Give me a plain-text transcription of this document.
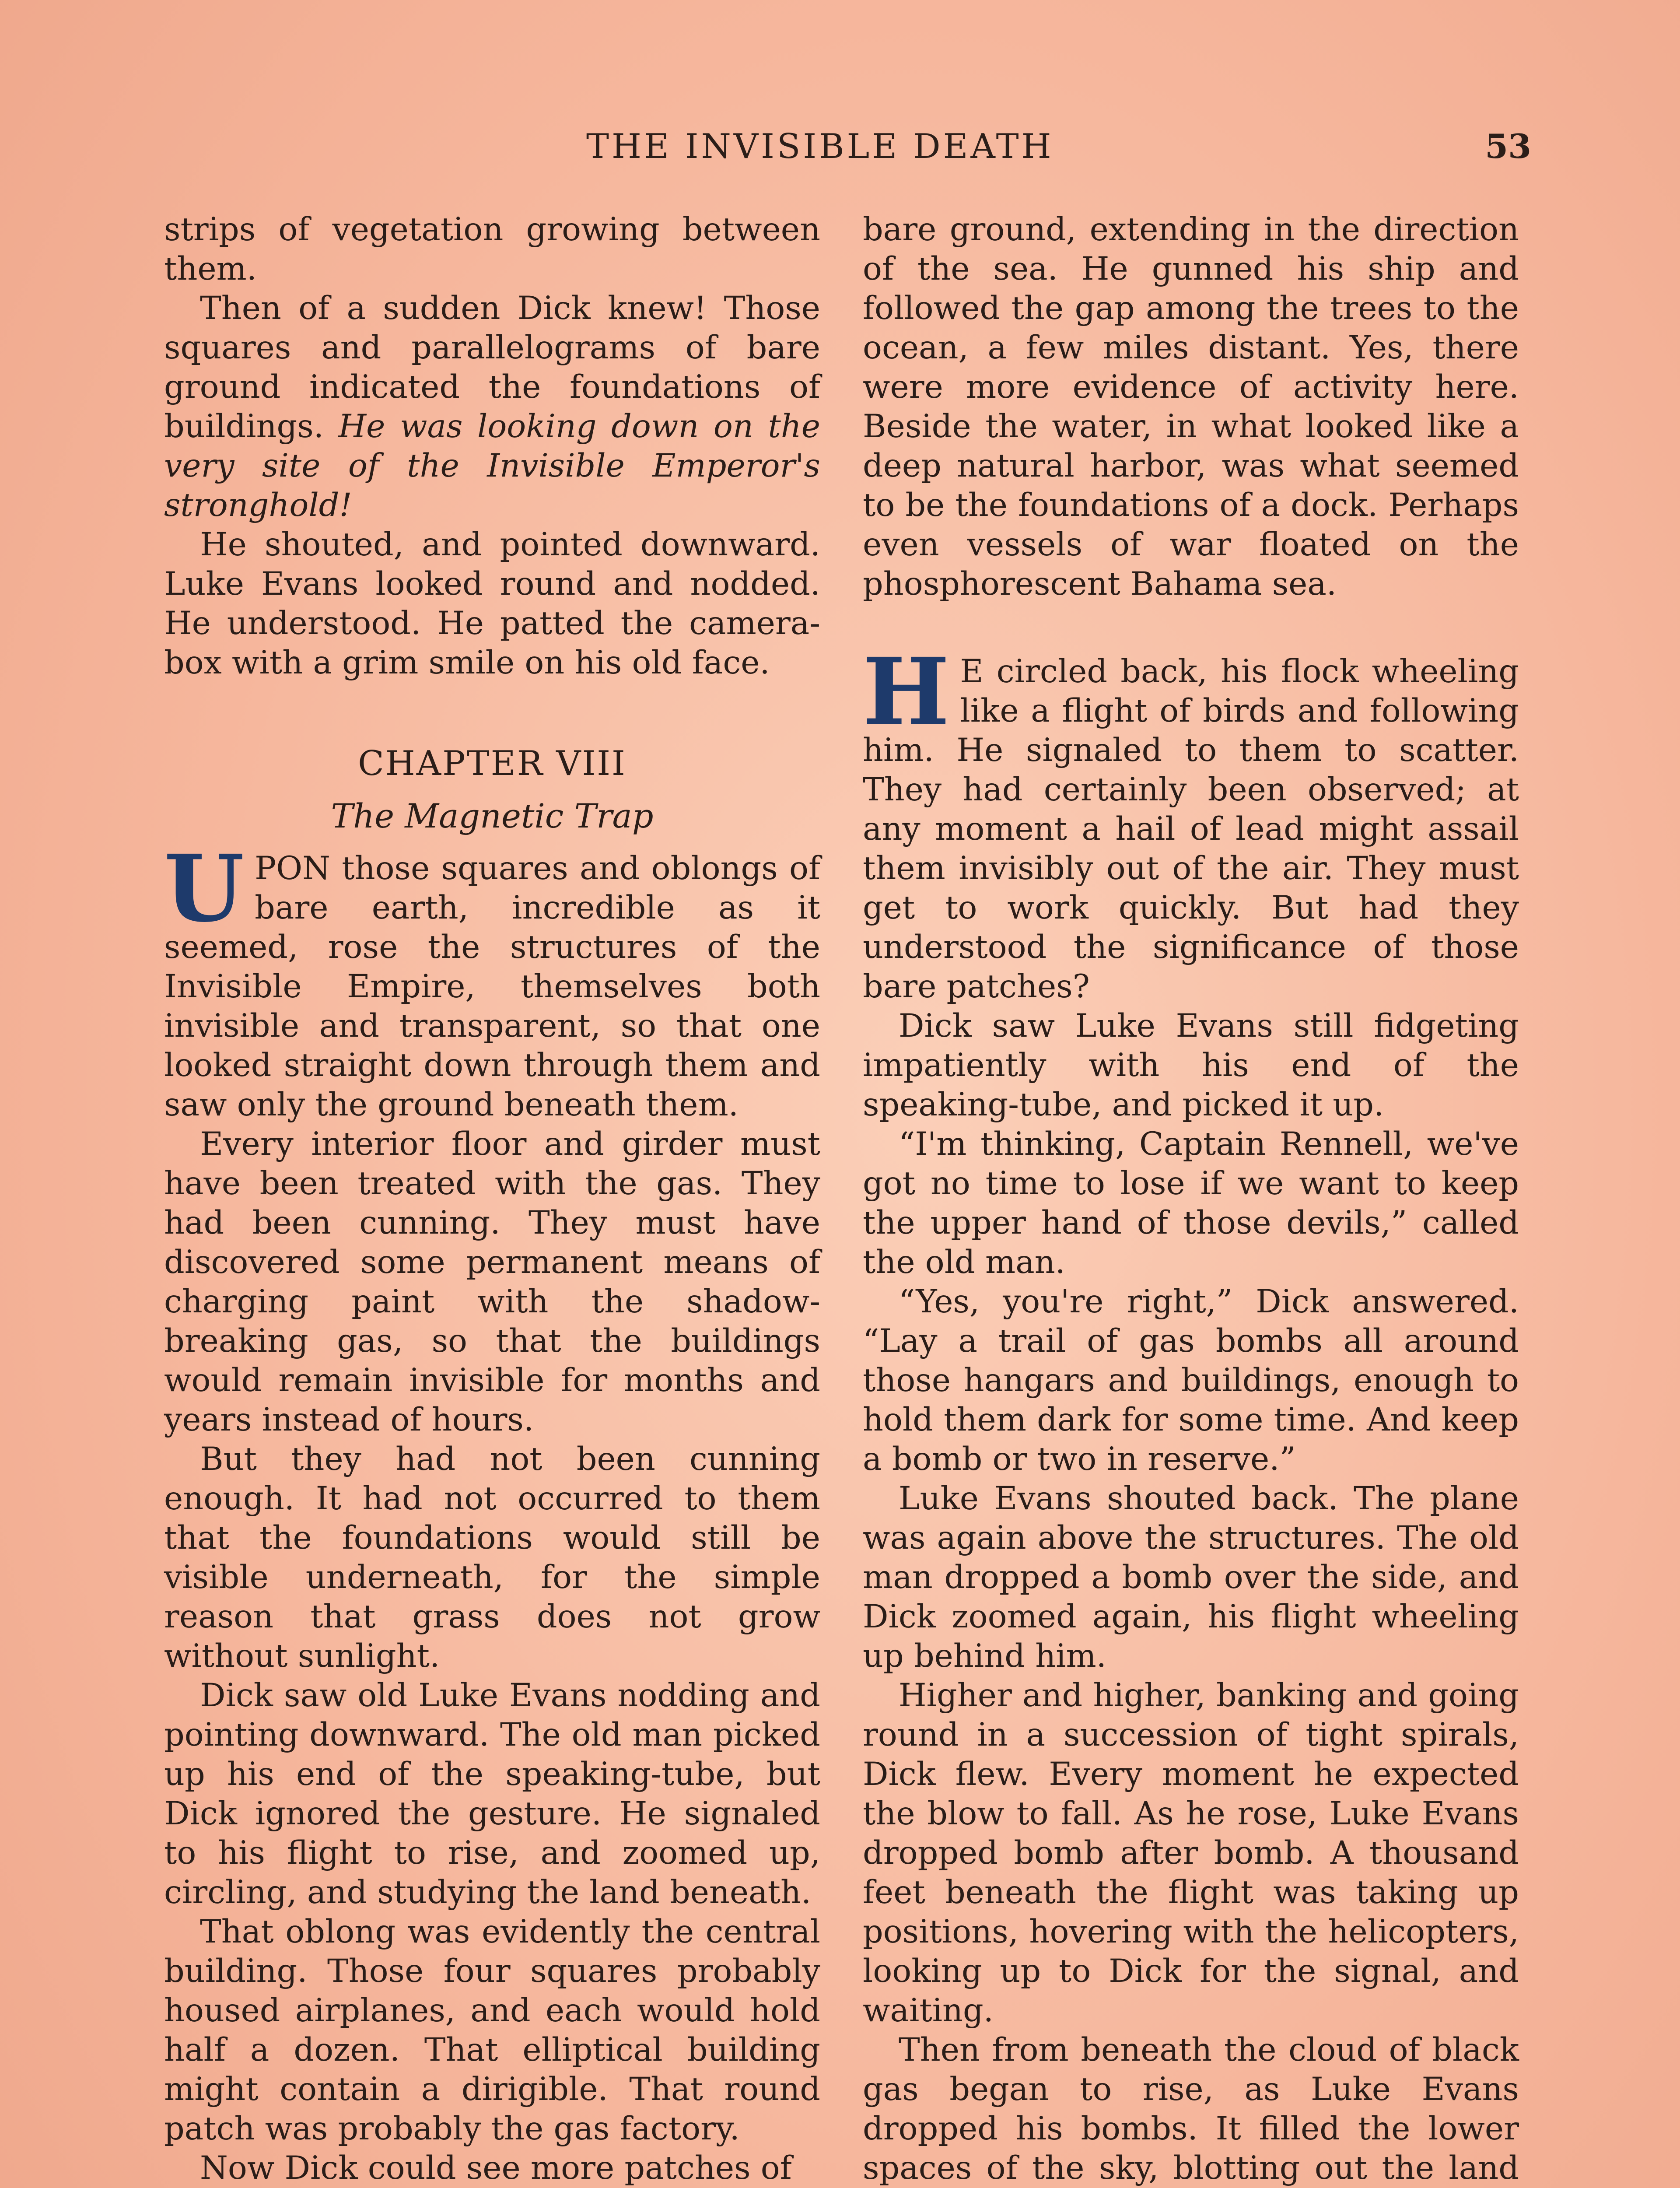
THE INVISIBLE DEATH	53

strips of vegetation growing between them.

Then of a sudden Dick knew! Those squares and parallelograms of bare ground indicated the foundations of buildings. He was looking down on the very site of the Invisible Emperor's stronghold!

He shouted, and pointed downward. Luke Evans looked round and nodded. He understood. He patted the camera-box with a grim smile on his old face.

CHAPTER VIII
The Magnetic Trap

UPON those squares and oblongs of bare earth, incredible as it seemed, rose the structures of the Invisible Empire, themselves both invisible and transparent, so that one looked straight down through them and saw only the ground beneath them.

Every interior floor and girder must have been treated with the gas. They had been cunning. They must have discovered some permanent means of charging paint with the shadow-breaking gas, so that the buildings would remain invisible for months and years instead of hours.

But they had not been cunning enough. It had not occurred to them that the foundations would still be visible underneath, for the simple reason that grass does not grow without sunlight.

Dick saw old Luke Evans nodding and pointing downward. The old man picked up his end of the speaking-tube, but Dick ignored the gesture. He signaled to his flight to rise, and zoomed up, circling, and studying the land beneath.

That oblong was evidently the central building. Those four squares probably housed airplanes, and each would hold half a dozen. That elliptical building might contain a dirigible. That round patch was probably the gas factory.

Now Dick could see more patches of

bare ground, extending in the direction of the sea. He gunned his ship and followed the gap among the trees to the ocean, a few miles distant. Yes, there were more evidence of activity here. Beside the water, in what looked like a deep natural harbor, was what seemed to be the foundations of a dock. Perhaps even vessels of war floated on the phosphorescent Bahama sea.

H E circled back, his flock wheeling like a flight of birds and following him. He signaled to them to scatter. They had certainly been observed; at any moment a hail of lead might assail them invisibly out of the air. They must get to work quickly. But had they understood the significance of those bare patches?

Dick saw Luke Evans still fidgeting impatiently with his end of the speaking-tube, and picked it up.

“I'm thinking, Captain Rennell, we've got no time to lose if we want to keep the upper hand of those devils,” called the old man.

“Yes, you're right,” Dick answered. “Lay a trail of gas bombs all around those hangars and buildings, enough to hold them dark for some time. And keep a bomb or two in reserve.”

Luke Evans shouted back. The plane was again above the structures. The old man dropped a bomb over the side, and Dick zoomed again, his flight wheeling up behind him.

Higher and higher, banking and going round in a succession of tight spirals, Dick flew. Every moment he expected the blow to fall. As he rose, Luke Evans dropped bomb after bomb. A thousand feet beneath the flight was taking up positions, hovering with the helicopters, looking up to Dick for the signal, and waiting.

Then from beneath the cloud of black gas began to rise, as Luke Evans dropped his bombs. It filled the lower spaces of the sky, blotting out the land
